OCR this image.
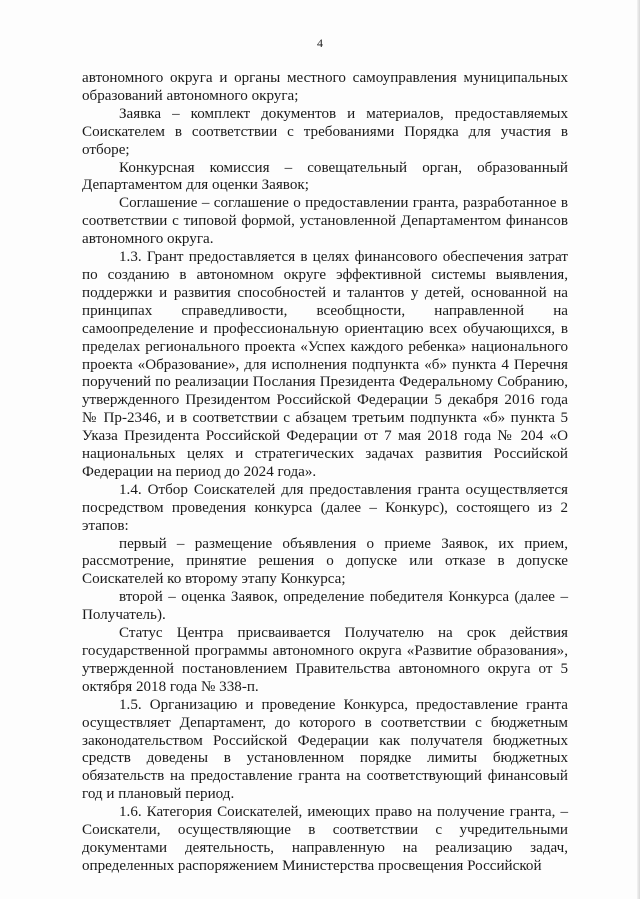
4

автономного округа и органы местного самоуправления муниципальных образований автономного округа;

Заявка – комплект документов и материалов, предоставляемых Соискателем в соответствии с требованиями Порядка для участия в отборе;

Конкурсная комиссия – совещательный орган, образованный Департаментом для оценки Заявок;

Соглашение – соглашение о предоставлении гранта, разработанное в соответствии с типовой формой, установленной Департаментом финансов автономного округа.

1.3. Грант предоставляется в целях финансового обеспечения затрат по созданию в автономном округе эффективной системы выявления, поддержки и развития способностей и талантов у детей, основанной на принципах справедливости, всеобщности, направленной на самоопределение и профессиональную ориентацию всех обучающихся, в пределах регионального проекта «Успех каждого ребенка» национального проекта «Образование», для исполнения подпункта «б» пункта 4 Перечня поручений по реализации Послания Президента Федеральному Собранию, утвержденного Президентом Российской Федерации 5 декабря 2016 года № Пр-2346, и в соответствии с абзацем третьим подпункта «б» пункта 5 Указа Президента Российской Федерации от 7 мая 2018 года № 204 «О национальных целях и стратегических задачах развития Российской Федерации на период до 2024 года».

1.4. Отбор Соискателей для предоставления гранта осуществляется посредством проведения конкурса (далее – Конкурс), состоящего из 2 этапов:

первый – размещение объявления о приеме Заявок, их прием, рассмотрение, принятие решения о допуске или отказе в допуске Соискателей ко второму этапу Конкурса;

второй – оценка Заявок, определение победителя Конкурса (далее – Получатель).

Статус Центра присваивается Получателю на срок действия государственной программы автономного округа «Развитие образования», утвержденной постановлением Правительства автономного округа от 5 октября 2018 года № 338-п.

1.5. Организацию и проведение Конкурса, предоставление гранта осуществляет Департамент, до которого в соответствии с бюджетным законодательством Российской Федерации как получателя бюджетных средств доведены в установленном порядке лимиты бюджетных обязательств на предоставление гранта на соответствующий финансовый год и плановый период.

1.6. Категория Соискателей, имеющих право на получение гранта, – Соискатели, осуществляющие в соответствии с учредительными документами деятельность, направленную на реализацию задач, определенных распоряжением Министерства просвещения Российской
